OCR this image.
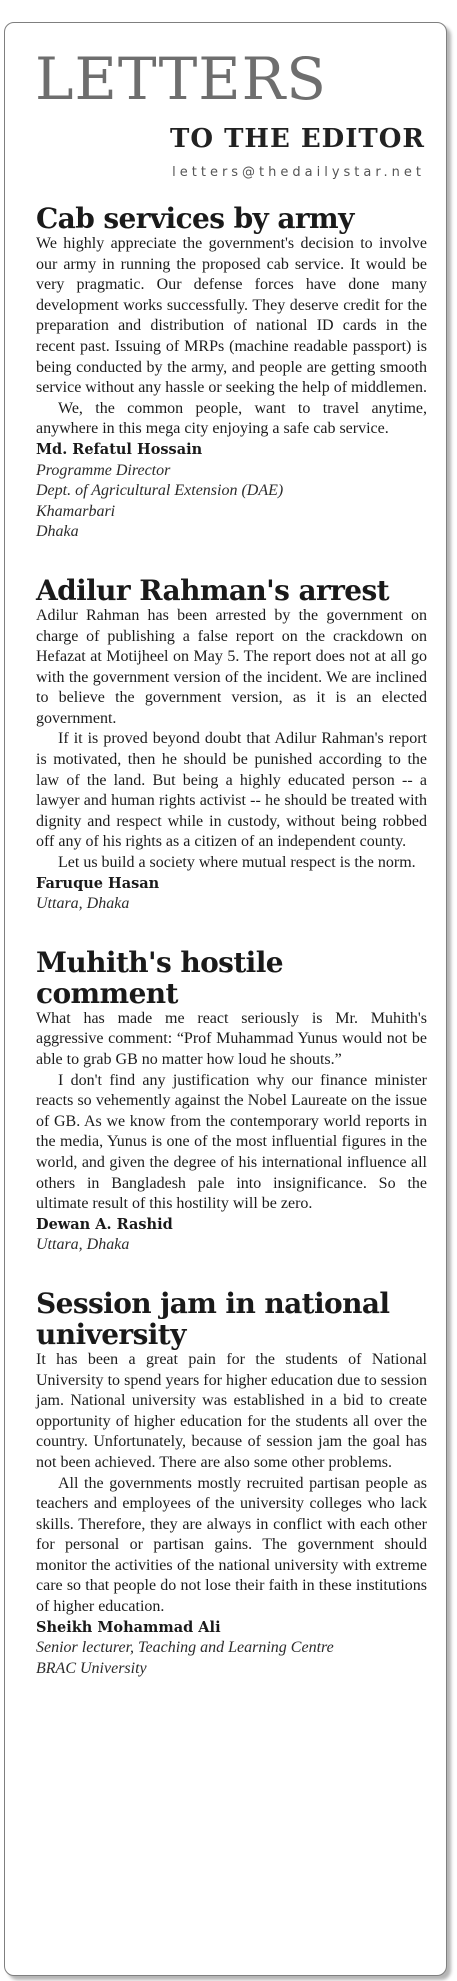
LETTERS
TO THE EDITOR
letters@thedailystar.net
Cab services by army

We highly appreciate the government's decision to involve our army in running the proposed cab service. It would be very pragmatic. Our defense forces have done many development works successfully. They deserve credit for the preparation and distribution of national ID cards in the recent past. Issuing of MRPs (machine readable passport) is being conducted by the army, and people are getting smooth service without any hassle or seeking the help of middlemen.

We, the common people, want to travel anytime, anywhere in this mega city enjoying a safe cab service.

Md. Refatul Hossain

Programme Director

Dept. of Agricultural Extension (DAE)

Khamarbari

Dhaka

Adilur Rahman's arrest

Adilur Rahman has been arrested by the government on charge of publishing a false report on the crackdown on Hefazat at Motijheel on May 5. The report does not at all go with the government version of the incident. We are inclined to believe the government version, as it is an elected government.

If it is proved beyond doubt that Adilur Rahman's report is motivated, then he should be punished according to the law of the land. But being a highly educated person -- a lawyer and human rights activist -- he should be treated with dignity and respect while in custody, without being robbed off any of his rights as a citizen of an independent county.

Let us build a society where mutual respect is the norm.

Faruque Hasan

Uttara, Dhaka

Muhith's hostile comment

What has made me react seriously is Mr. Muhith's aggressive comment: “Prof Muhammad Yunus would not be able to grab GB no matter how loud he shouts.”

I don't find any justification why our finance minister reacts so vehemently against the Nobel Laureate on the issue of GB. As we know from the contemporary world reports in the media, Yunus is one of the most influential figures in the world, and given the degree of his international influence all others in Bangladesh pale into insignificance. So the ultimate result of this hostility will be zero.

Dewan A. Rashid

Uttara, Dhaka

Session jam in national university

It has been a great pain for the students of National University to spend years for higher education due to session jam. National university was established in a bid to create opportunity of higher education for the students all over the country. Unfortunately, because of session jam the goal has not been achieved. There are also some other problems.

All the governments mostly recruited partisan people as teachers and employees of the university colleges who lack skills. Therefore, they are always in conflict with each other for personal or partisan gains. The government should monitor the activities of the national university with extreme care so that people do not lose their faith in these institutions of higher education.

Sheikh Mohammad Ali

Senior lecturer, Teaching and Learning Centre

BRAC University
